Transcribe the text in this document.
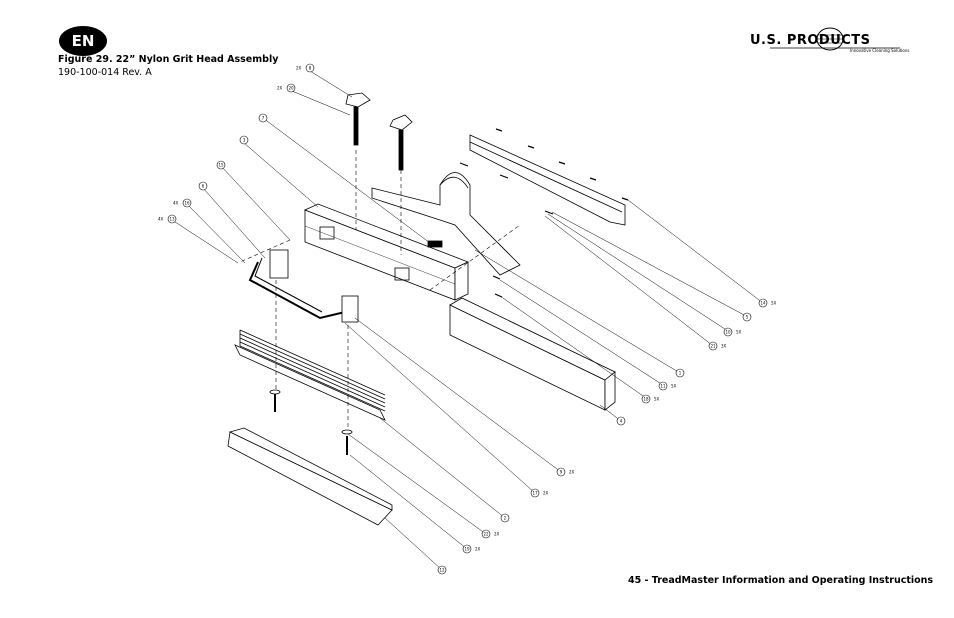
EN
Figure 29. 22” Nylon Grit Head Assembly
190-100-014 Rev. A
U.S. PRODUCTS
Innovative Cleaning Solutions
8
2X
20
2X
7
3
15
6
16
4X
13
4X
14 5X
5
10 5X
21 3X
1
11 5X
18 5X
4
9 2X
17 2X
2
22 2X
19 2X
12
45 - TreadMaster Information and Operating Instructions
